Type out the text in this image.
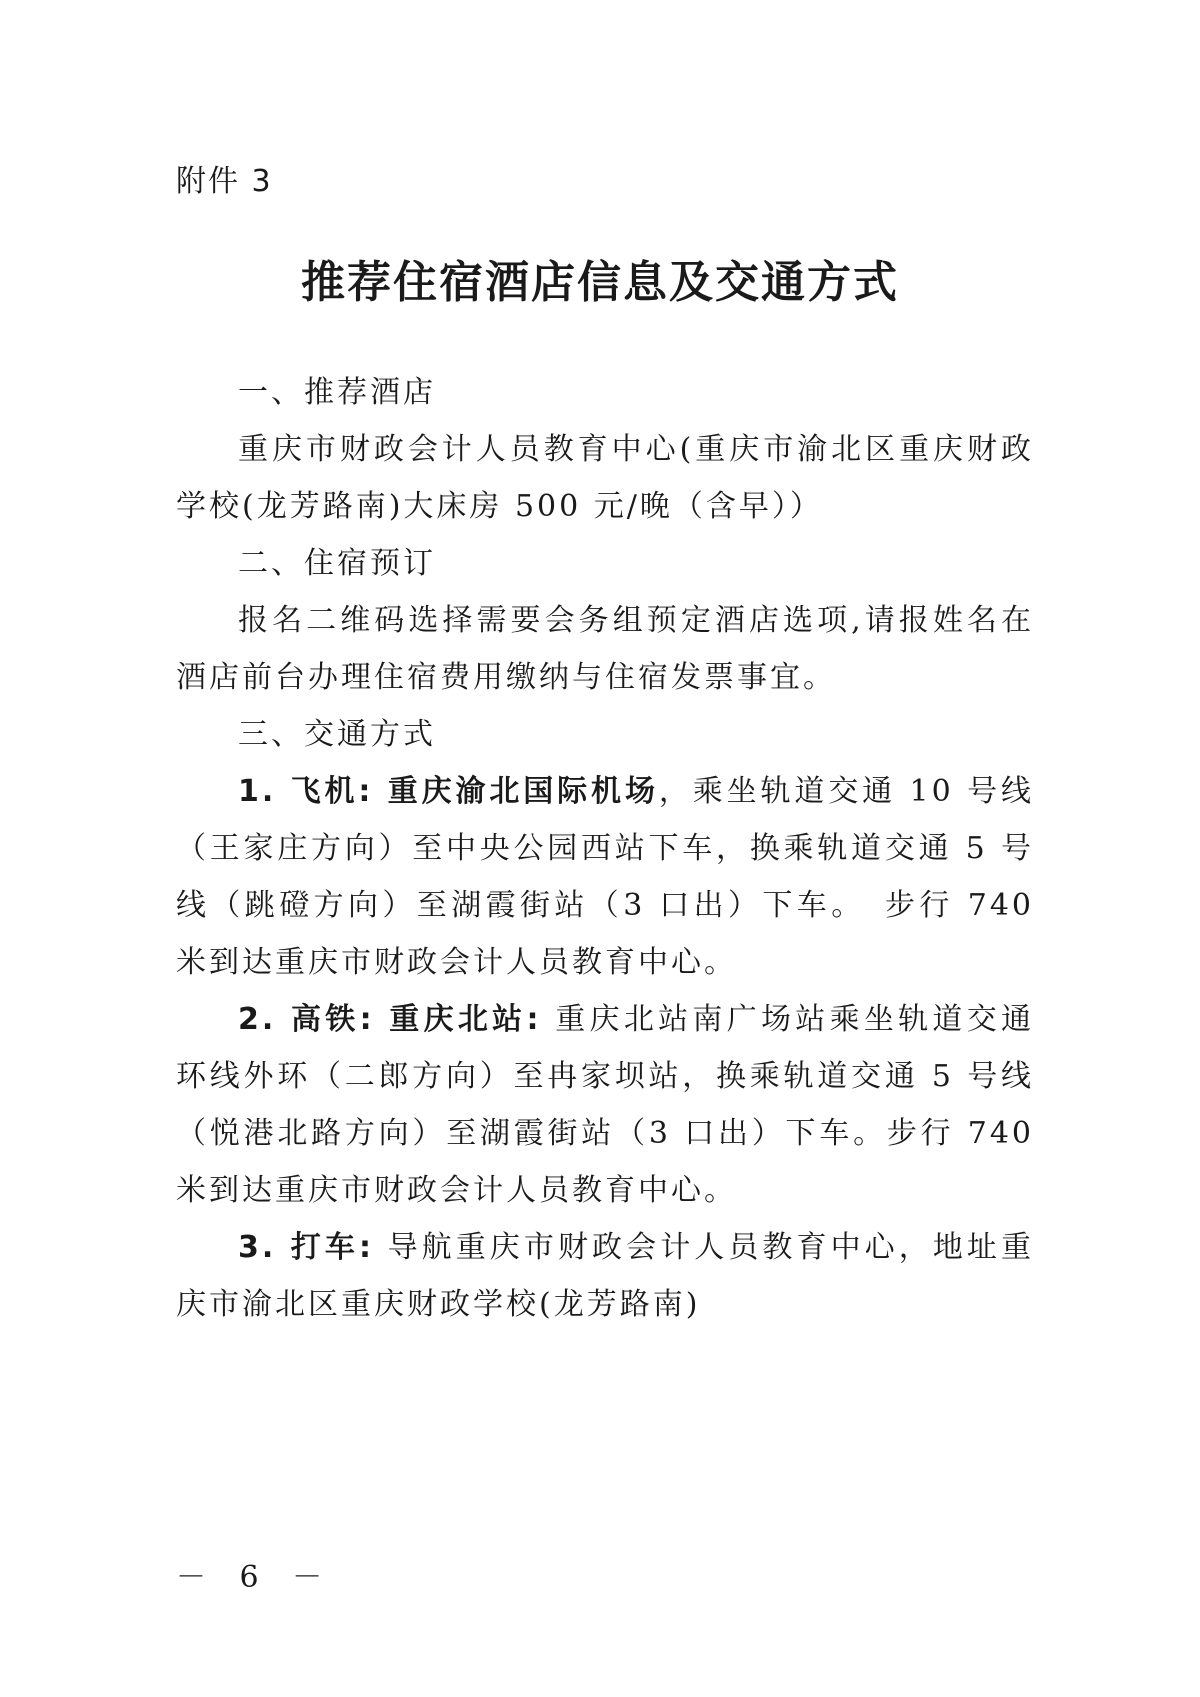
附件 3
推荐住宿酒店信息及交通方式
一、推荐酒店

重庆市财政会计人员教育中心(重庆市渝北区重庆财政学校(龙芳路南)大床房 500 元/晚（含早））

二、住宿预订

报名二维码选择需要会务组预定酒店选项,请报姓名在酒店前台办理住宿费用缴纳与住宿发票事宜。

三、交通方式

1. 飞机: 重庆渝北国际机场，乘坐轨道交通 10 号线（王家庄方向）至中央公园西站下车，换乘轨道交通 5 号线（跳磴方向）至湖霞街站（3 口出）下车。　步行 740 米到达重庆市财政会计人员教育中心。

2. 高铁: 重庆北站: 重庆北站南广场站乘坐轨道交通环线外环（二郎方向）至冉家坝站，换乘轨道交通 5 号线（悦港北路方向）至湖霞街站（3 口出）下车。步行 740 米到达重庆市财政会计人员教育中心。

3. 打车: 导航重庆市财政会计人员教育中心，地址重庆市渝北区重庆财政学校(龙芳路南)

－ 6 －
